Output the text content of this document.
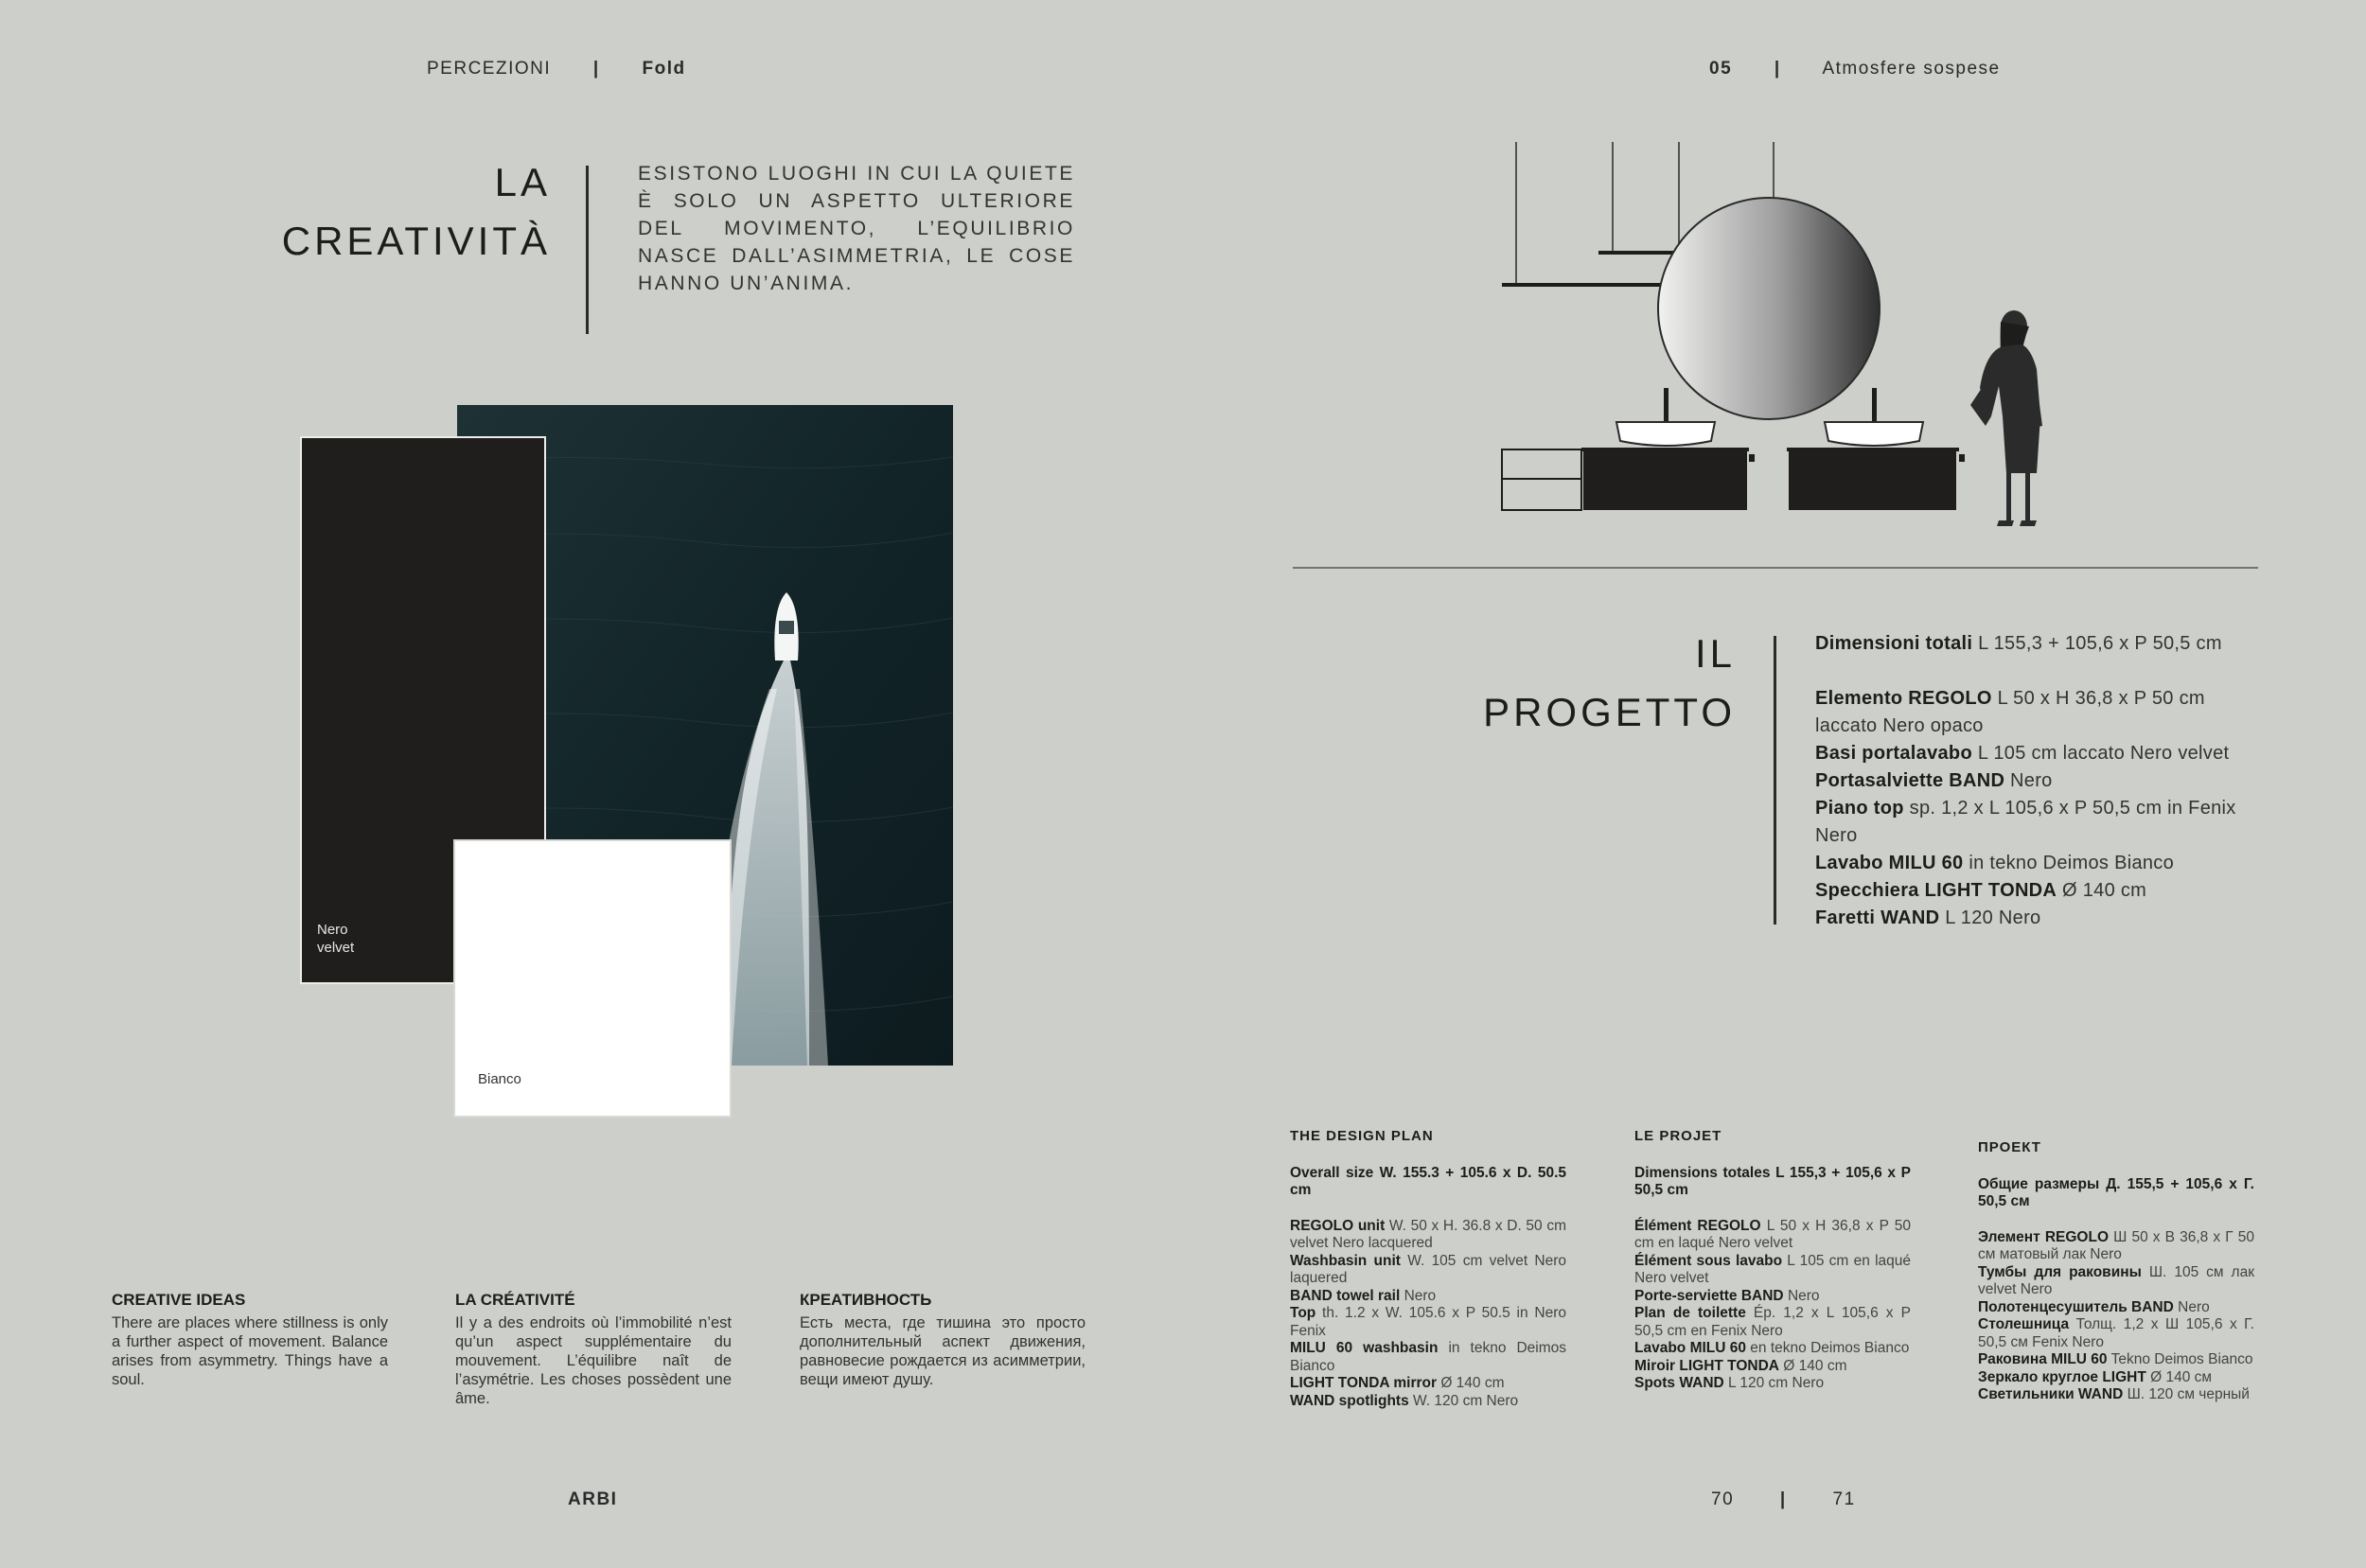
PERCEZIONI | Fold	05 | Atmosfere sospese
LA
CREATIVITÀ
ESISTONO LUOGHI IN CUI LA QUIETE È SOLO UN ASPETTO ULTERIORE DEL MOVIMENTO, L’EQUILIBRIO NASCE DALL’ASIMMETRIA, LE COSE HANNO UN’ANIMA.
Nero
velvet
Bianco
CREATIVE IDEAS

There are places where stillness is only a further aspect of movement. Balance arises from asymmetry. Things have a soul.

LA CRÉATIVITÉ

Il y a des endroits où l’immobilité n’est qu’un aspect supplémentaire du mouvement. L’équilibre naît de l’asymétrie. Les choses possèdent une âme.

КРЕАТИВНОСТЬ

Есть места, где тишина это просто дополнительный аспект движения, равновесие рождается из асимметрии, вещи имеют душу.

ARBI	70	|	71
IL
PROGETTO

Dimensioni totali L 155,3 + 105,6 x P 50,5 cm

Elemento REGOLO L 50 x H 36,8 x P 50 cm laccato Nero opaco

Basi portalavabo L 105 cm laccato Nero velvet

Portasalviette BAND Nero

Piano top sp. 1,2 x L 105,6 x P 50,5 cm in Fenix Nero

Lavabo MILU 60 in tekno Deimos Bianco

Specchiera LIGHT TONDA Ø 140 cm

Faretti WAND L 120 Nero

THE DESIGN PLAN

Overall size W. 155.3 + 105.6 x D. 50.5 cm

REGOLO unit W. 50 x H. 36.8 x D. 50 cm velvet Nero lacquered

Washbasin unit W. 105 cm velvet Nero laquered

BAND towel rail Nero

Top th. 1.2 x W. 105.6 x P 50.5 in Nero Fenix

MILU 60 washbasin in tekno Deimos Bianco

LIGHT TONDA mirror Ø 140 cm

WAND spotlights W. 120 cm Nero

LE PROJET

Dimensions totales L 155,3 + 105,6 x P 50,5 cm

Élément REGOLO L 50 x H 36,8 x P 50 cm en laqué Nero velvet

Élément sous lavabo L 105 cm en laqué Nero velvet

Porte-serviette BAND Nero

Plan de toilette Ép. 1,2 x L 105,6 x P 50,5 cm en Fenix Nero

Lavabo MILU 60 en tekno Deimos Bianco

Miroir LIGHT TONDA Ø 140 cm

Spots WAND L 120 cm Nero

ПРОЕКТ

Общие размеры Д. 155,5 + 105,6 x Г. 50,5 см

Элемент REGOLO Ш 50 x В 36,8 x Г 50 см матовый лак Nero

Тумбы для раковины Ш. 105 см лак velvet Nero

Полотенцесушитель BAND Nero

Столешница Толщ. 1,2 x Ш 105,6 x Г. 50,5 см Fenix Nero

Раковина MILU 60 Tekno Deimos Bianco

Зеркало круглое LIGHT Ø 140 см

Светильники WAND Ш. 120 см черный
